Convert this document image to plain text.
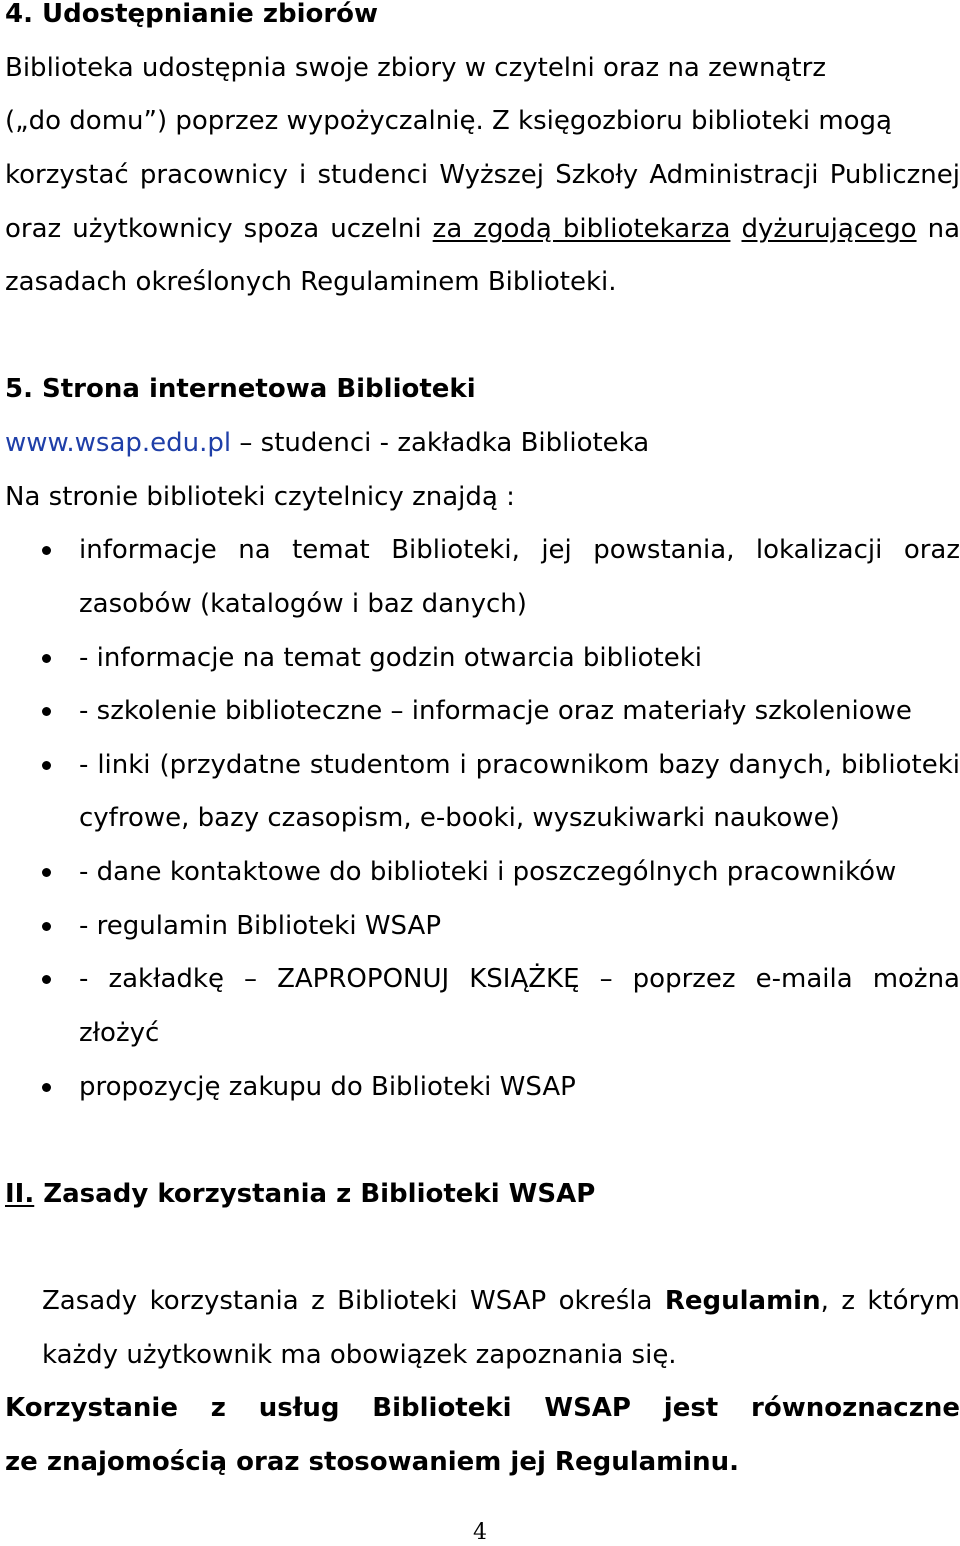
4. Udostępnianie zbiorów
Biblioteka udostępnia swoje zbiory w czytelni oraz na zewnątrz
(„do domu”) poprzez wypożyczalnię. Z księgozbioru biblioteki mogą
korzystać pracownicy i studenci Wyższej Szkoły Administracji Publicznej
oraz użytkownicy spoza uczelni za zgodą bibliotekarza dyżurującego na
zasadach określonych Regulaminem Biblioteki.
5. Strona internetowa Biblioteki
www.wsap.edu.pl – studenci - zakładka Biblioteka
Na stronie biblioteki czytelnicy znajdą :
informacje na temat Biblioteki, jej powstania, lokalizacji oraz
zasobów (katalogów i baz danych)
- informacje na temat godzin otwarcia biblioteki
- szkolenie biblioteczne – informacje oraz materiały szkoleniowe
- linki (przydatne studentom i pracownikom bazy danych, biblioteki
cyfrowe, bazy czasopism, e-booki, wyszukiwarki naukowe)
- dane kontaktowe do biblioteki i poszczególnych pracowników
- regulamin Biblioteki WSAP
- zakładkę – ZAPROPONUJ KSIĄŻKĘ – poprzez e-maila można
złożyć
propozycję zakupu do Biblioteki WSAP
II. Zasady korzystania z Biblioteki WSAP
Zasady korzystania z Biblioteki WSAP określa Regulamin, z którym
każdy użytkownik ma obowiązek zapoznania się.
Korzystanie z usług Biblioteki WSAP jest równoznaczne
ze znajomością oraz stosowaniem jej Regulaminu.
4
